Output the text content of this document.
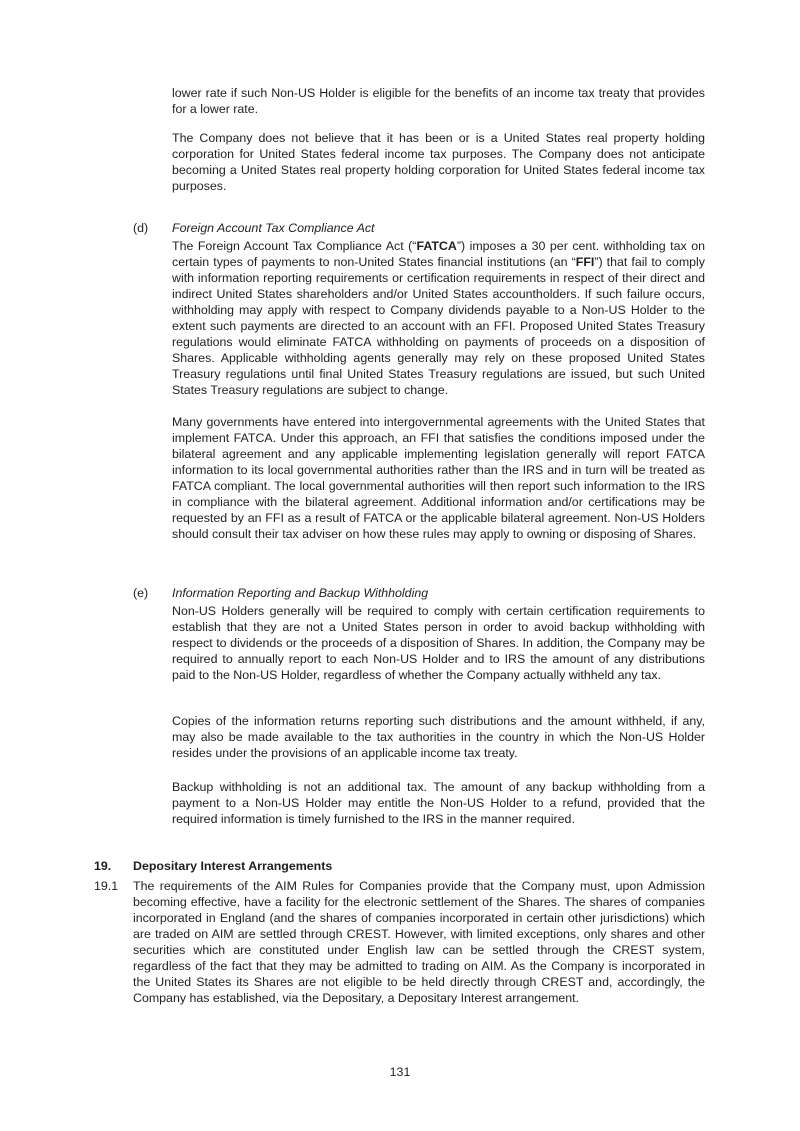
lower rate if such Non-US Holder is eligible for the benefits of an income tax treaty that provides for a lower rate.

The Company does not believe that it has been or is a United States real property holding corporation for United States federal income tax purposes. The Company does not anticipate becoming a United States real property holding corporation for United States federal income tax purposes.

(d) Foreign Account Tax Compliance Act

The Foreign Account Tax Compliance Act (“FATCA”) imposes a 30 per cent. withholding tax on certain types of payments to non-United States financial institutions (an “FFI”) that fail to comply with information reporting requirements or certification requirements in respect of their direct and indirect United States shareholders and/or United States accountholders. If such failure occurs, withholding may apply with respect to Company dividends payable to a Non-US Holder to the extent such payments are directed to an account with an FFI. Proposed United States Treasury regulations would eliminate FATCA withholding on payments of proceeds on a disposition of Shares. Applicable withholding agents generally may rely on these proposed United States Treasury regulations until final United States Treasury regulations are issued, but such United States Treasury regulations are subject to change.

Many governments have entered into intergovernmental agreements with the United States that implement FATCA. Under this approach, an FFI that satisfies the conditions imposed under the bilateral agreement and any applicable implementing legislation generally will report FATCA information to its local governmental authorities rather than the IRS and in turn will be treated as FATCA compliant. The local governmental authorities will then report such information to the IRS in compliance with the bilateral agreement. Additional information and/or certifications may be requested by an FFI as a result of FATCA or the applicable bilateral agreement. Non-US Holders should consult their tax adviser on how these rules may apply to owning or disposing of Shares.

(e) Information Reporting and Backup Withholding

Non-US Holders generally will be required to comply with certain certification requirements to establish that they are not a United States person in order to avoid backup withholding with respect to dividends or the proceeds of a disposition of Shares. In addition, the Company may be required to annually report to each Non-US Holder and to IRS the amount of any distributions paid to the Non-US Holder, regardless of whether the Company actually withheld any tax.

Copies of the information returns reporting such distributions and the amount withheld, if any, may also be made available to the tax authorities in the country in which the Non-US Holder resides under the provisions of an applicable income tax treaty.

Backup withholding is not an additional tax. The amount of any backup withholding from a payment to a Non-US Holder may entitle the Non-US Holder to a refund, provided that the required information is timely furnished to the IRS in the manner required.

19. Depositary Interest Arrangements
19.1 The requirements of the AIM Rules for Companies provide that the Company must, upon Admission becoming effective, have a facility for the electronic settlement of the Shares. The shares of companies incorporated in England (and the shares of companies incorporated in certain other jurisdictions) which are traded on AIM are settled through CREST. However, with limited exceptions, only shares and other securities which are constituted under English law can be settled through the CREST system, regardless of the fact that they may be admitted to trading on AIM. As the Company is incorporated in the United States its Shares are not eligible to be held directly through CREST and, accordingly, the Company has established, via the Depositary, a Depositary Interest arrangement.

131
